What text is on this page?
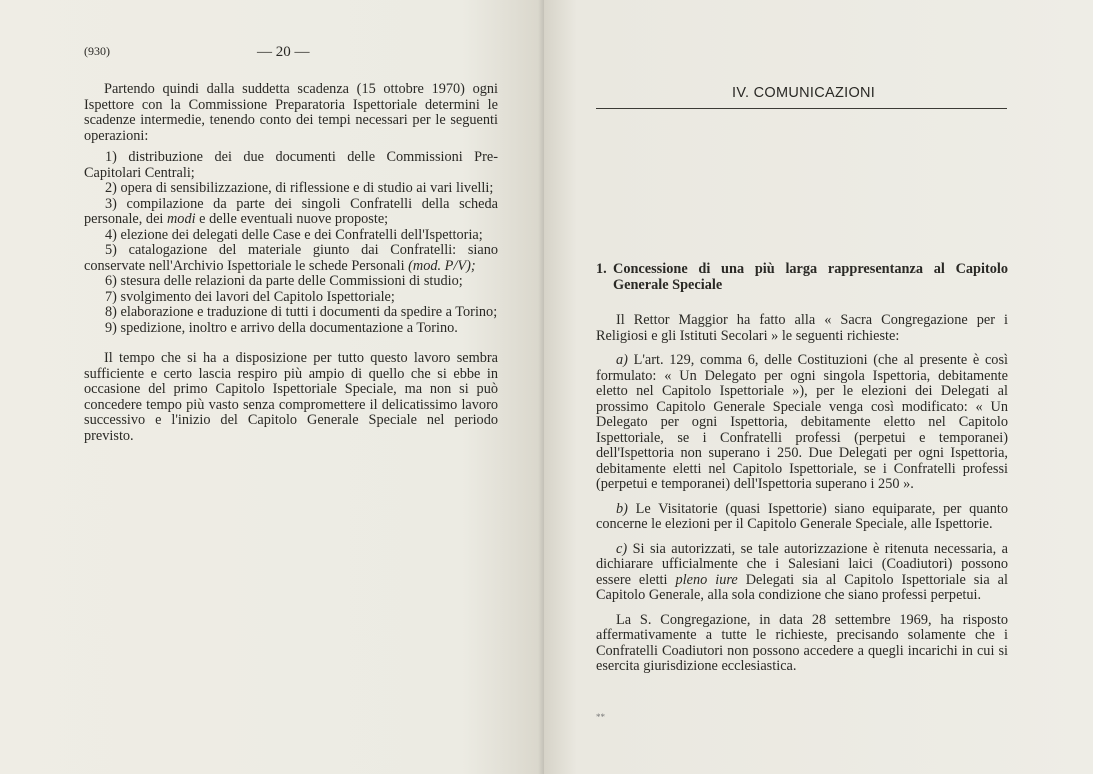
(930)	— 20 —

Partendo quindi dalla suddetta scadenza (15 ottobre 1970) ogni Ispettore con la Commissione Preparatoria Ispettoriale determini le scadenze intermedie, tenendo conto dei tempi necessari per le seguenti operazioni:

1) distribuzione dei due documenti delle Commissioni Pre-Capitolari Centrali;

2) opera di sensibilizzazione, di riflessione e di studio ai vari livelli;

3) compilazione da parte dei singoli Confratelli della scheda personale, dei modi e delle eventuali nuove proposte;

4) elezione dei delegati delle Case e dei Confratelli dell'Ispettoria;

5) catalogazione del materiale giunto dai Confratelli: siano conservate nell'Archivio Ispettoriale le schede Personali (mod. P/V);

6) stesura delle relazioni da parte delle Commissioni di studio;

7) svolgimento dei lavori del Capitolo Ispettoriale;

8) elaborazione e traduzione di tutti i documenti da spedire a Torino;

9) spedizione, inoltro e arrivo della documentazione a Torino.

Il tempo che si ha a disposizione per tutto questo lavoro sembra sufficiente e certo lascia respiro più ampio di quello che si ebbe in occasione del primo Capitolo Ispettoriale Speciale, ma non si può concedere tempo più vasto senza compromettere il delicatissimo lavoro successivo e l'inizio del Capitolo Generale Speciale nel periodo previsto.

IV. COMUNICAZIONI
1. Concessione di una più larga rappresentanza al Capitolo Generale Speciale

Il Rettor Maggior ha fatto alla « Sacra Congregazione per i Religiosi e gli Istituti Secolari » le seguenti richieste:

a) L'art. 129, comma 6, delle Costituzioni (che al presente è così formulato: « Un Delegato per ogni singola Ispettoria, debitamente eletto nel Capitolo Ispettoriale »), per le elezioni dei Delegati al prossimo Capitolo Generale Speciale venga così modificato: « Un Delegato per ogni Ispettoria, debitamente eletto nel Capitolo Ispettoriale, se i Confratelli professi (perpetui e temporanei) dell'Ispettoria non superano i 250. Due Delegati per ogni Ispettoria, debitamente eletti nel Capitolo Ispettoriale, se i Confratelli professi (perpetui e temporanei) dell'Ispettoria superano i 250 ».

b) Le Visitatorie (quasi Ispettorie) siano equiparate, per quanto concerne le elezioni per il Capitolo Generale Speciale, alle Ispettorie.

c) Si sia autorizzati, se tale autorizzazione è ritenuta necessaria, a dichiarare ufficialmente che i Salesiani laici (Coadiutori) possono essere eletti pleno iure Delegati sia al Capitolo Ispettoriale sia al Capitolo Generale, alla sola condizione che siano professi perpetui.

La S. Congregazione, in data 28 settembre 1969, ha risposto affermativamente a tutte le richieste, precisando solamente che i Confratelli Coadiutori non possono accedere a quegli incarichi in cui si esercita giurisdizione ecclesiastica.

**
